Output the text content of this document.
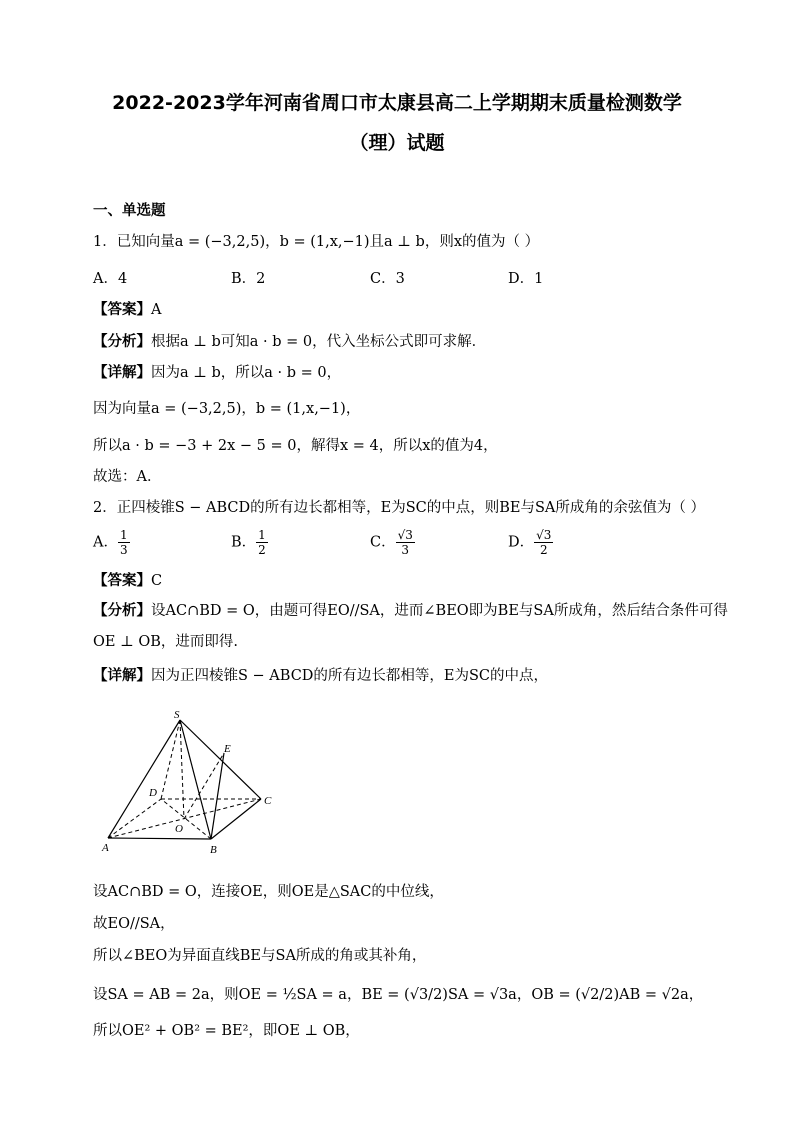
2022-2023学年河南省周口市太康县高二上学期期末质量检测数学
（理）试题
一、单选题
1．已知向量a = (−3,2,5)，b = (1,x,−1)且a ⊥ b，则x的值为（ ）
A．4	B．2	C．3	D．1
【答案】A
【分析】根据a ⊥ b可知a · b = 0，代入坐标公式即可求解．
【详解】因为a ⊥ b，所以a · b = 0，
因为向量a = (−3,2,5)，b = (1,x,−1)，
所以a · b = −3 + 2x − 5 = 0，解得x = 4，所以x的值为4，
故选：A．
2．正四棱锥S − ABCD的所有边长都相等，E为SC的中点，则BE与SA所成角的余弦值为（ ）
A． $\frac{1}{3}$	B． $\frac{1}{2}$	C． $\frac{√3}{3}$	D． $\frac{√3}{2}$
【答案】C
【分析】设AC∩BD = O，由题可得EO//SA，进而∠BEO即为BE与SA所成角，然后结合条件可得
OE ⊥ OB，进而即得.
【详解】因为正四棱锥S − ABCD的所有边长都相等，E为SC的中点，
S
E
D
C
O
A	B
设AC∩BD = O，连接OE，则OE是△SAC的中位线，
故EO//SA，
所以∠BEO为异面直线BE与SA所成的角或其补角，
设SA = AB = 2a，则OE = ½SA = a，BE = (√3/2)SA = √3a，OB = (√2/2)AB = √2a，
所以OE² + OB² = BE²，即OE ⊥ OB，
